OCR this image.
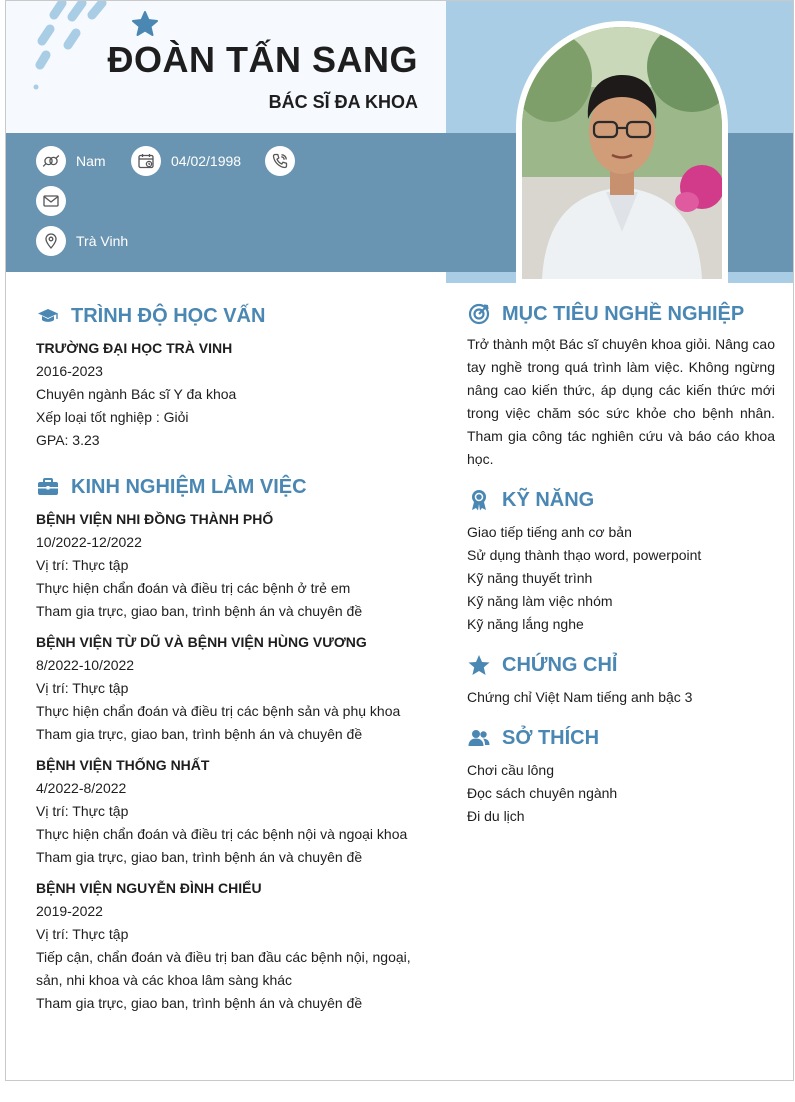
ĐOÀN TẤN SANG
BÁC SĨ ĐA KHOA
Nam	04/02/1998
Trà Vinh
TRÌNH ĐỘ HỌC VẤN
TRƯỜNG ĐẠI HỌC TRÀ VINH
2016-2023
Chuyên ngành Bác sĩ Y đa khoa
Xếp loại tốt nghiệp : Giỏi
GPA: 3.23
KINH NGHIỆM LÀM VIỆC
BỆNH VIỆN NHI ĐỒNG THÀNH PHỐ
10/2022-12/2022
Vị trí: Thực tập
Thực hiện chẩn đoán và điều trị các bệnh ở trẻ em
Tham gia trực, giao ban, trình bệnh án và chuyên đề
BỆNH VIỆN TỪ DŨ VÀ BỆNH VIỆN HÙNG VƯƠNG
8/2022-10/2022
Vị trí: Thực tập
Thực hiện chẩn đoán và điều trị các bệnh sản và phụ khoa
Tham gia trực, giao ban, trình bệnh án và chuyên đề
BỆNH VIỆN THỐNG NHẤT
4/2022-8/2022
Vị trí: Thực tập
Thực hiện chẩn đoán và điều trị các bệnh nội và ngoại khoa
Tham gia trực, giao ban, trình bệnh án và chuyên đề
BỆNH VIỆN NGUYỄN ĐÌNH CHIỂU
2019-2022
Vị trí: Thực tập
Tiếp cận, chẩn đoán và điều trị ban đầu các bệnh nội, ngoại, sản, nhi khoa và các khoa lâm sàng khác
Tham gia trực, giao ban, trình bệnh án và chuyên đề
MỤC TIÊU NGHỀ NGHIỆP
Trở thành một Bác sĩ chuyên khoa giỏi. Nâng cao tay nghề trong quá trình làm việc. Không ngừng nâng cao kiến thức, áp dụng các kiến thức mới trong việc chăm sóc sức khỏe cho bệnh nhân. Tham gia công tác nghiên cứu và báo cáo khoa học.
KỸ NĂNG
Giao tiếp tiếng anh cơ bản
Sử dụng thành thạo word, powerpoint
Kỹ năng thuyết trình
Kỹ năng làm việc nhóm
Kỹ năng lắng nghe
CHỨNG CHỈ
Chứng chỉ Việt Nam tiếng anh bậc 3
SỞ THÍCH
Chơi cầu lông
Đọc sách chuyên ngành
Đi du lịch
